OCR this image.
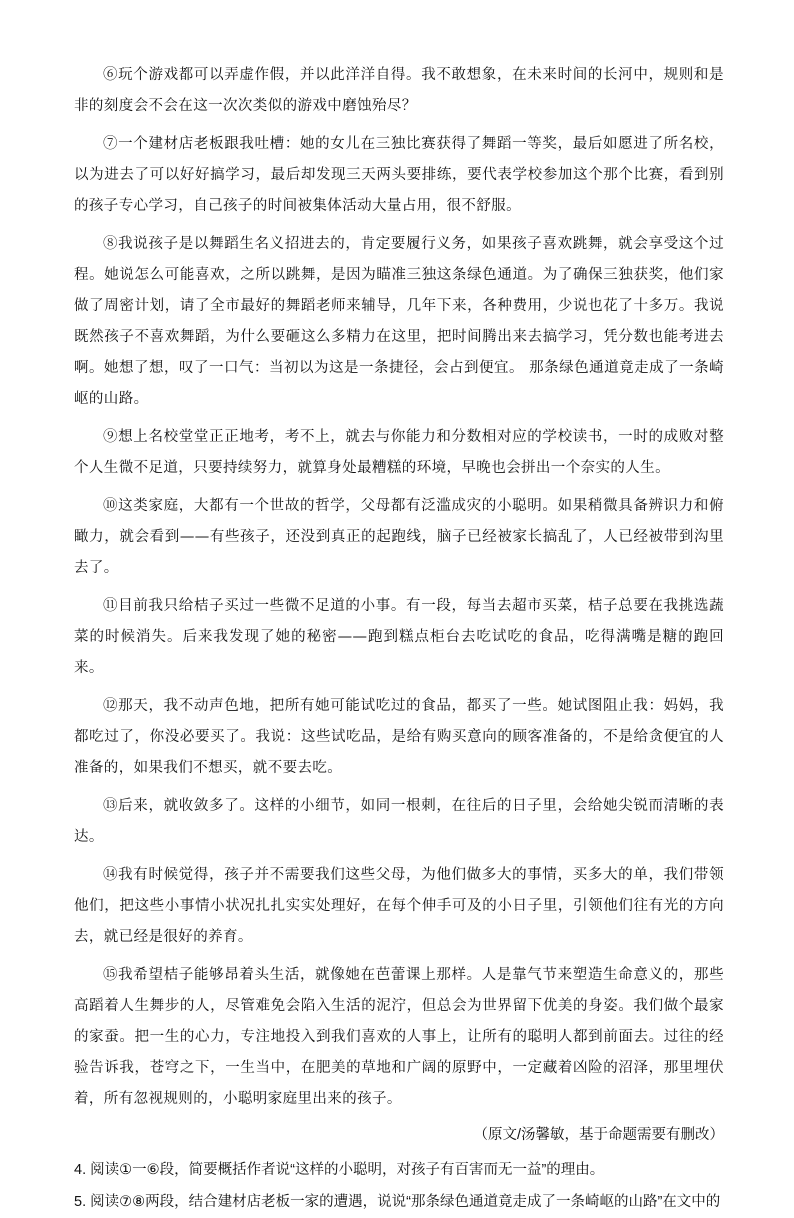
⑥玩个游戏都可以弄虚作假，并以此洋洋自得。我不敢想象，在未来时间的长河中，规则和是非的刻度会不会在这一次次类似的游戏中磨蚀殆尽？

⑦一个建材店老板跟我吐槽：她的女儿在三独比赛获得了舞蹈一等奖，最后如愿进了所名校，以为进去了可以好好搞学习，最后却发现三天两头要排练，要代表学校参加这个那个比赛，看到别的孩子专心学习，自己孩子的时间被集体活动大量占用，很不舒服。

⑧我说孩子是以舞蹈生名义招进去的，肯定要履行义务，如果孩子喜欢跳舞，就会享受这个过程。她说怎么可能喜欢，之所以跳舞，是因为瞄准三独这条绿色通道。为了确保三独获奖，他们家做了周密计划，请了全市最好的舞蹈老师来辅导，几年下来，各种费用，少说也花了十多万。我说既然孩子不喜欢舞蹈，为什么要砸这么多精力在这里，把时间腾出来去搞学习，凭分数也能考进去啊。她想了想，叹了一口气：当初以为这是一条捷径，会占到便宜。 那条绿色通道竟走成了一条崎岖的山路。

⑨想上名校堂堂正正地考，考不上，就去与你能力和分数相对应的学校读书，一时的成败对整个人生微不足道，只要持续努力，就算身处最糟糕的环境，早晚也会拼出一个奈实的人生。

⑩这类家庭，大都有一个世故的哲学，父母都有泛滥成灾的小聪明。如果稍微具备辨识力和俯瞰力，就会看到——有些孩子，还没到真正的起跑线，脑子已经被家长搞乱了，人已经被带到沟里去了。

⑪目前我只给桔子买过一些微不足道的小事。有一段，每当去超市买菜，桔子总要在我挑选蔬菜的时候消失。后来我发现了她的秘密——跑到糕点柜台去吃试吃的食品，吃得满嘴是糖的跑回来。

⑫那天，我不动声色地，把所有她可能试吃过的食品，都买了一些。她试图阻止我：妈妈，我都吃过了，你没必要买了。我说：这些试吃品，是给有购买意向的顾客准备的，不是给贪便宜的人准备的，如果我们不想买，就不要去吃。

⑬后来，就收敛多了。这样的小细节，如同一根刺，在往后的日子里，会给她尖锐而清晰的表达。

⑭我有时候觉得，孩子并不需要我们这些父母，为他们做多大的事情，买多大的单，我们带领他们，把这些小事情小状况扎扎实实处理好，在每个伸手可及的小日子里，引领他们往有光的方向去，就已经是很好的养育。

⑮我希望桔子能够昂着头生活，就像她在芭蕾课上那样。人是靠气节来塑造生命意义的，那些高蹈着人生舞步的人，尽管难免会陷入生活的泥泞，但总会为世界留下优美的身姿。我们做个最家的家蚕。把一生的心力，专注地投入到我们喜欢的人事上，让所有的聪明人都到前面去。过往的经验告诉我，苍穹之下，一生当中，在肥美的草地和广阔的原野中，一定藏着凶险的沼泽，那里埋伏着，所有忽视规则的，小聪明家庭里出来的孩子。

（原文/汤馨敏，基于命题需要有删改）

4. 阅读①一⑥段，简要概括作者说“这样的小聪明，对孩子有百害而无一益”的理由。

5. 阅读⑦⑧两段，结合建材店老板一家的遭遇，说说“那条绿色通道竟走成了一条崎岖的山路”在文中的
